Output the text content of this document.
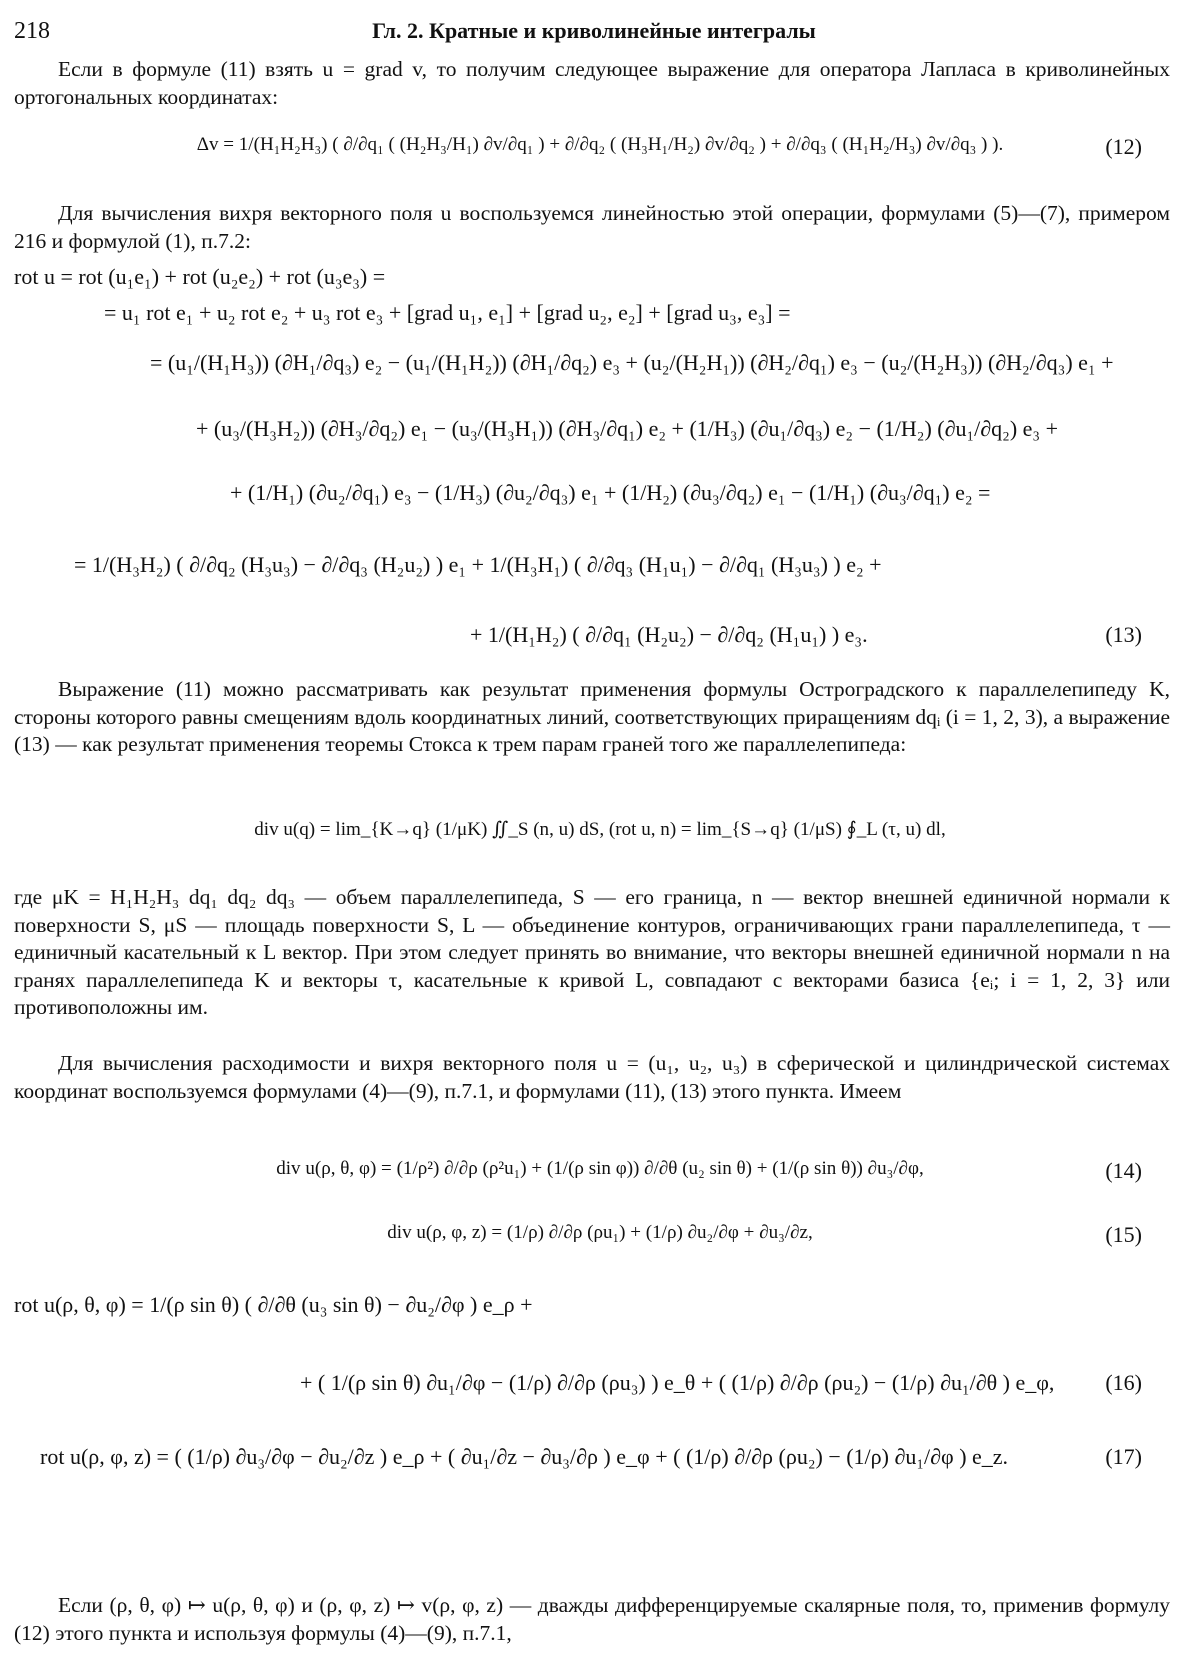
218	Гл. 2. Кратные и криволинейные интегралы

Если в формуле (11) взять u = grad v, то получим следующее выражение для оператора Лапласа в криволинейных ортогональных координатах:

Δv = 1/(H₁H₂H₃) ( ∂/∂q₁ ( (H₂H₃/H₁) ∂v/∂q₁ ) + ∂/∂q₂ ( (H₃H₁/H₂) ∂v/∂q₂ ) + ∂/∂q₃ ( (H₁H₂/H₃) ∂v/∂q₃ ) ).	(12)

Для вычисления вихря векторного поля u воспользуемся линейностью этой операции, формулами (5)—(7), примером 216 и формулой (1), п.7.2:

rot u = rot (u₁e₁) + rot (u₂e₂) + rot (u₃e₃) =
= u₁ rot e₁ + u₂ rot e₂ + u₃ rot e₃ + [grad u₁, e₁] + [grad u₂, e₂] + [grad u₃, e₃] =
= (u₁/(H₁H₃)) (∂H₁/∂q₃) e₂ − (u₁/(H₁H₂)) (∂H₁/∂q₂) e₃ + (u₂/(H₂H₁)) (∂H₂/∂q₁) e₃ − (u₂/(H₂H₃)) (∂H₂/∂q₃) e₁ +
+ (u₃/(H₃H₂)) (∂H₃/∂q₂) e₁ − (u₃/(H₃H₁)) (∂H₃/∂q₁) e₂ + (1/H₃) (∂u₁/∂q₃) e₂ − (1/H₂) (∂u₁/∂q₂) e₃ +
+ (1/H₁) (∂u₂/∂q₁) e₃ − (1/H₃) (∂u₂/∂q₃) e₁ + (1/H₂) (∂u₃/∂q₂) e₁ − (1/H₁) (∂u₃/∂q₁) e₂ =
= 1/(H₃H₂) ( ∂/∂q₂ (H₃u₃) − ∂/∂q₃ (H₂u₂) ) e₁ + 1/(H₃H₁) ( ∂/∂q₃ (H₁u₁) − ∂/∂q₁ (H₃u₃) ) e₂ +
+ 1/(H₁H₂) ( ∂/∂q₁ (H₂u₂) − ∂/∂q₂ (H₁u₁) ) e₃.	(13)

Выражение (11) можно рассматривать как результат применения формулы Остроградского к параллелепипеду K, стороны которого равны смещениям вдоль координатных линий, соответствующих приращениям dqᵢ (i = 1, 2, 3), а выражение (13) — как результат применения теоремы Стокса к трем парам граней того же параллелепипеда:

div u(q) = lim_{K→q} (1/μK) ∬_S (n, u) dS, (rot u, n) = lim_{S→q} (1/μS) ∮_L (τ, u) dl,

где μK = H₁H₂H₃ dq₁ dq₂ dq₃ — объем параллелепипеда, S — его граница, n — вектор внешней единичной нормали к поверхности S, μS — площадь поверхности S, L — объединение контуров, ограничивающих грани параллелепипеда, τ — единичный касательный к L вектор. При этом следует принять во внимание, что векторы внешней единичной нормали n на гранях параллелепипеда K и векторы τ, касательные к кривой L, совпадают с векторами базиса {eᵢ; i = 1, 2, 3} или противоположны им.

Для вычисления расходимости и вихря векторного поля u = (u₁, u₂, u₃) в сферической и цилиндрической системах координат воспользуемся формулами (4)—(9), п.7.1, и формулами (11), (13) этого пункта. Имеем

div u(ρ, θ, φ) = (1/ρ²) ∂/∂ρ (ρ²u₁) + (1/(ρ sin φ)) ∂/∂θ (u₂ sin θ) + (1/(ρ sin θ)) ∂u₃/∂φ,	(14)
div u(ρ, φ, z) = (1/ρ) ∂/∂ρ (ρu₁) + (1/ρ) ∂u₂/∂φ + ∂u₃/∂z,	(15)
rot u(ρ, θ, φ) = 1/(ρ sin θ) ( ∂/∂θ (u₃ sin θ) − ∂u₂/∂φ ) e_ρ +
+ ( 1/(ρ sin θ) ∂u₁/∂φ − (1/ρ) ∂/∂ρ (ρu₃) ) e_θ + ( (1/ρ) ∂/∂ρ (ρu₂) − (1/ρ) ∂u₁/∂θ ) e_φ, (16)
rot u(ρ, φ, z) = ( (1/ρ) ∂u₃/∂φ − ∂u₂/∂z ) e_ρ + ( ∂u₁/∂z − ∂u₃/∂ρ ) e_φ + ( (1/ρ) ∂/∂ρ (ρu₂) − (1/ρ) ∂u₁/∂φ ) e_z.	(17)

Если (ρ, θ, φ) ↦ u(ρ, θ, φ) и (ρ, φ, z) ↦ v(ρ, φ, z) — дважды дифференцируемые скалярные поля, то, применив формулу (12) этого пункта и используя формулы (4)—(9), п.7.1,
